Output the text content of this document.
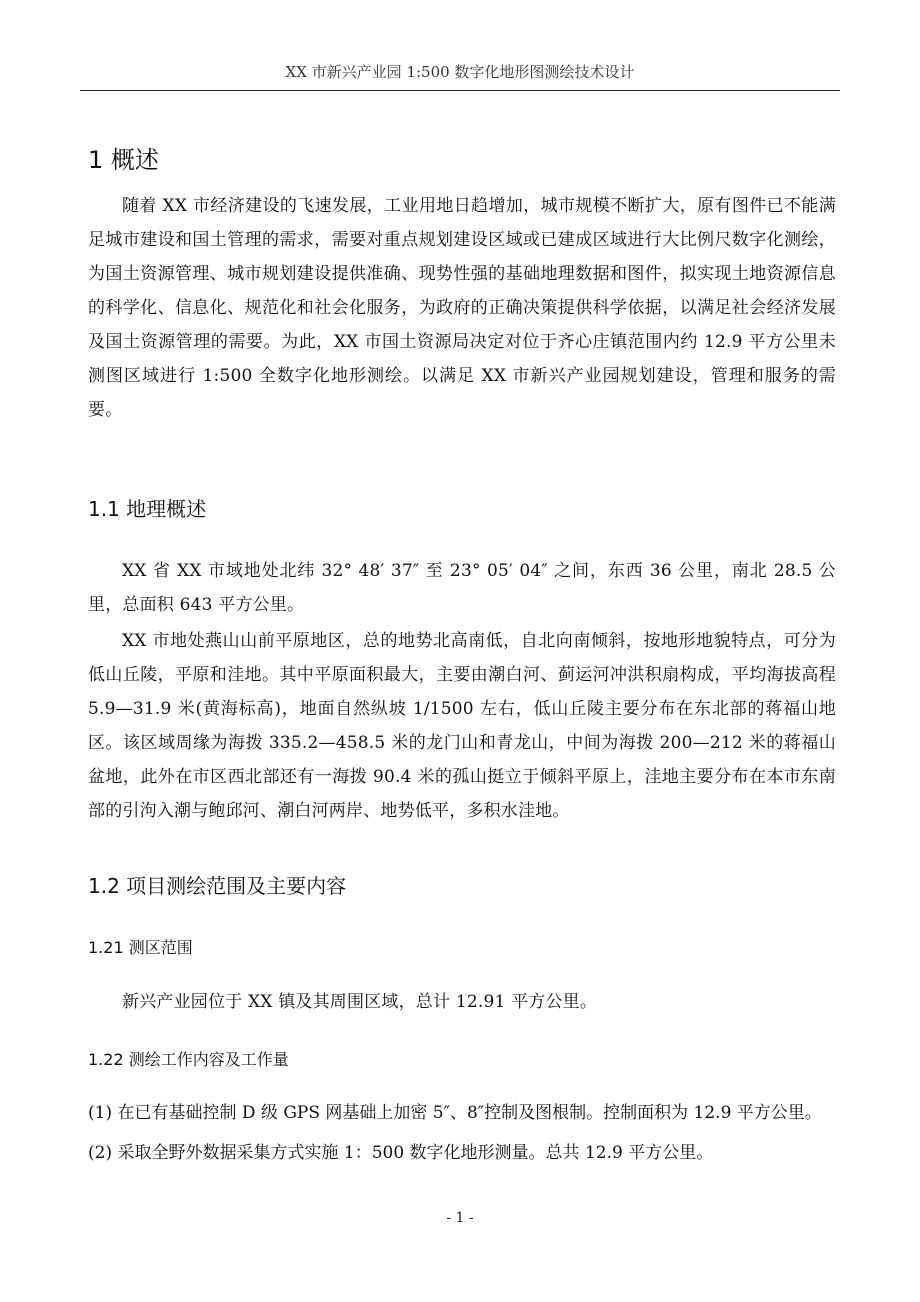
XX 市新兴产业园 1:500 数字化地形图测绘技术设计
1 概述

随着 XX 市经济建设的飞速发展，工业用地日趋增加，城市规模不断扩大，原有图件已不能满足城市建设和国土管理的需求，需要对重点规划建设区域或已建成区域进行大比例尺数字化测绘，为国土资源管理、城市规划建设提供准确、现势性强的基础地理数据和图件，拟实现土地资源信息的科学化、信息化、规范化和社会化服务，为政府的正确决策提供科学依据，以满足社会经济发展及国土资源管理的需要。为此，XX 市国土资源局决定对位于齐心庄镇范围内约 12.9 平方公里未测图区域进行 1:500 全数字化地形测绘。以满足 XX 市新兴产业园规划建设，管理和服务的需要。

1.1 地理概述

XX 省 XX 市域地处北纬 32° 48′ 37″ 至 23° 05′ 04″ 之间，东西 36 公里，南北 28.5 公里，总面积 643 平方公里。

XX 市地处燕山山前平原地区，总的地势北高南低，自北向南倾斜，按地形地貌特点，可分为低山丘陵，平原和洼地。其中平原面积最大，主要由潮白河、蓟运河冲洪积扇构成，平均海拔高程 5.9—31.9 米(黄海标高)，地面自然纵坡 1/1500 左右，低山丘陵主要分布在东北部的蒋福山地区。该区域周缘为海拨 335.2—458.5 米的龙门山和青龙山，中间为海拨 200—212 米的蒋福山盆地，此外在市区西北部还有一海拨 90.4 米的孤山挺立于倾斜平原上，洼地主要分布在本市东南部的引泃入潮与鲍邱河、潮白河两岸、地势低平，多积水洼地。

1.2 项目测绘范围及主要内容
1.21 测区范围

新兴产业园位于 XX 镇及其周围区域，总计 12.91 平方公里。

1.22 测绘工作内容及工作量

(1) 在已有基础控制 D 级 GPS 网基础上加密 5″、8″控制及图根制。控制面积为 12.9 平方公里。

(2) 采取全野外数据采集方式实施 1：500 数字化地形测量。总共 12.9 平方公里。

- 1 -
